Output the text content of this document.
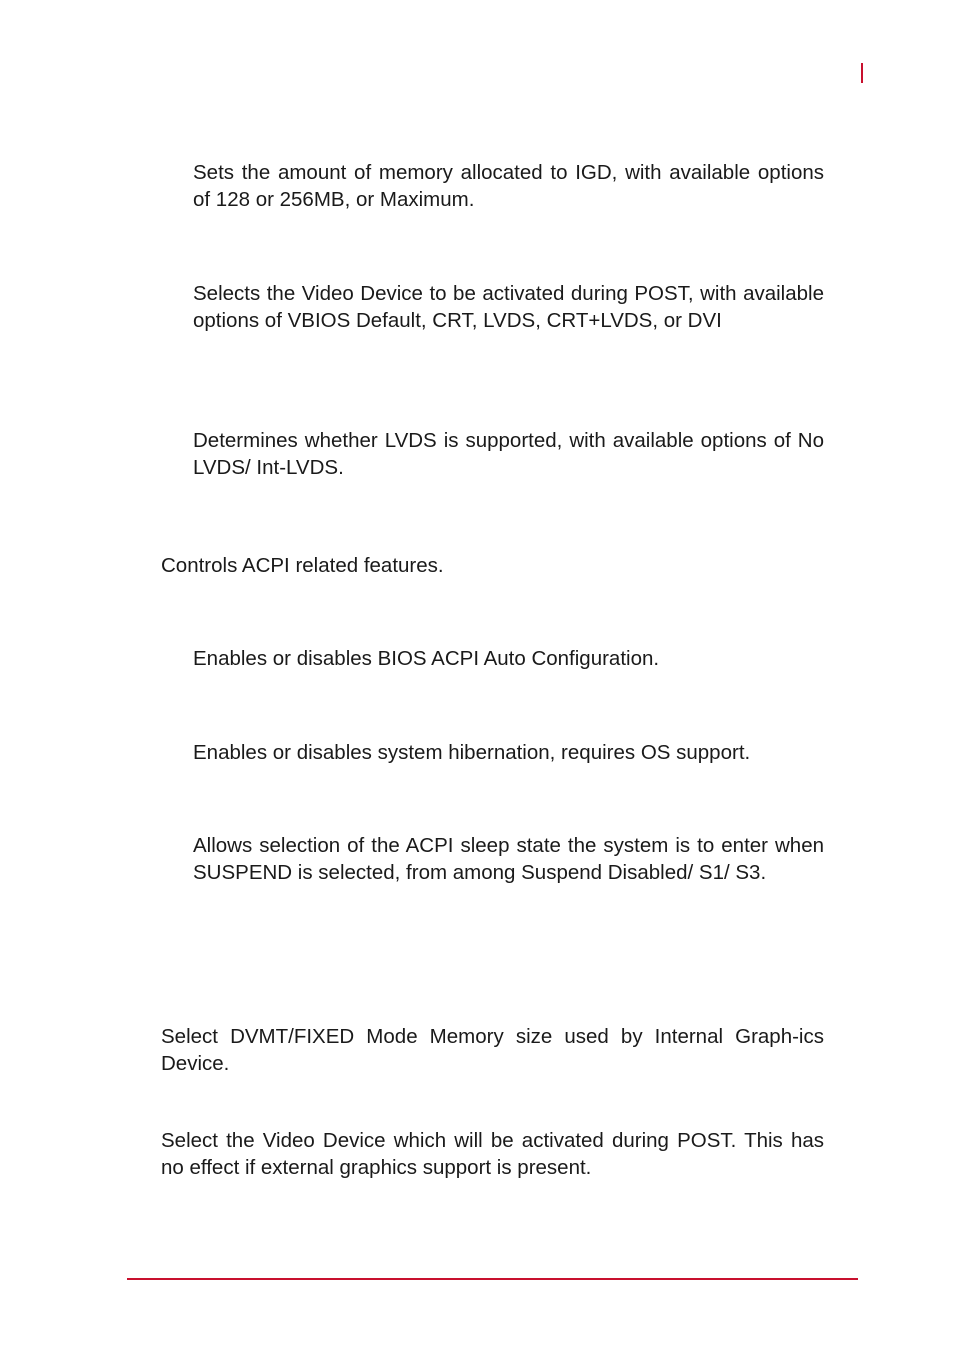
Sets the amount of memory allocated to IGD, with available options of 128 or 256MB, or Maximum.

Selects the Video Device to be activated during POST, with available options of VBIOS Default, CRT, LVDS, CRT+LVDS, or DVI

Determines whether LVDS is supported, with available options of No LVDS/ Int-LVDS.

Controls ACPI related features.

Enables or disables BIOS ACPI Auto Configuration.

Enables or disables system hibernation, requires OS support.

Allows selection of the ACPI sleep state the system is to enter when SUSPEND is selected, from among Suspend Disabled/ S1/ S3.

Select DVMT/FIXED Mode Memory size used by Internal Graph-ics Device.

Select the Video Device which will be activated during POST. This has no effect if external graphics support is present.
